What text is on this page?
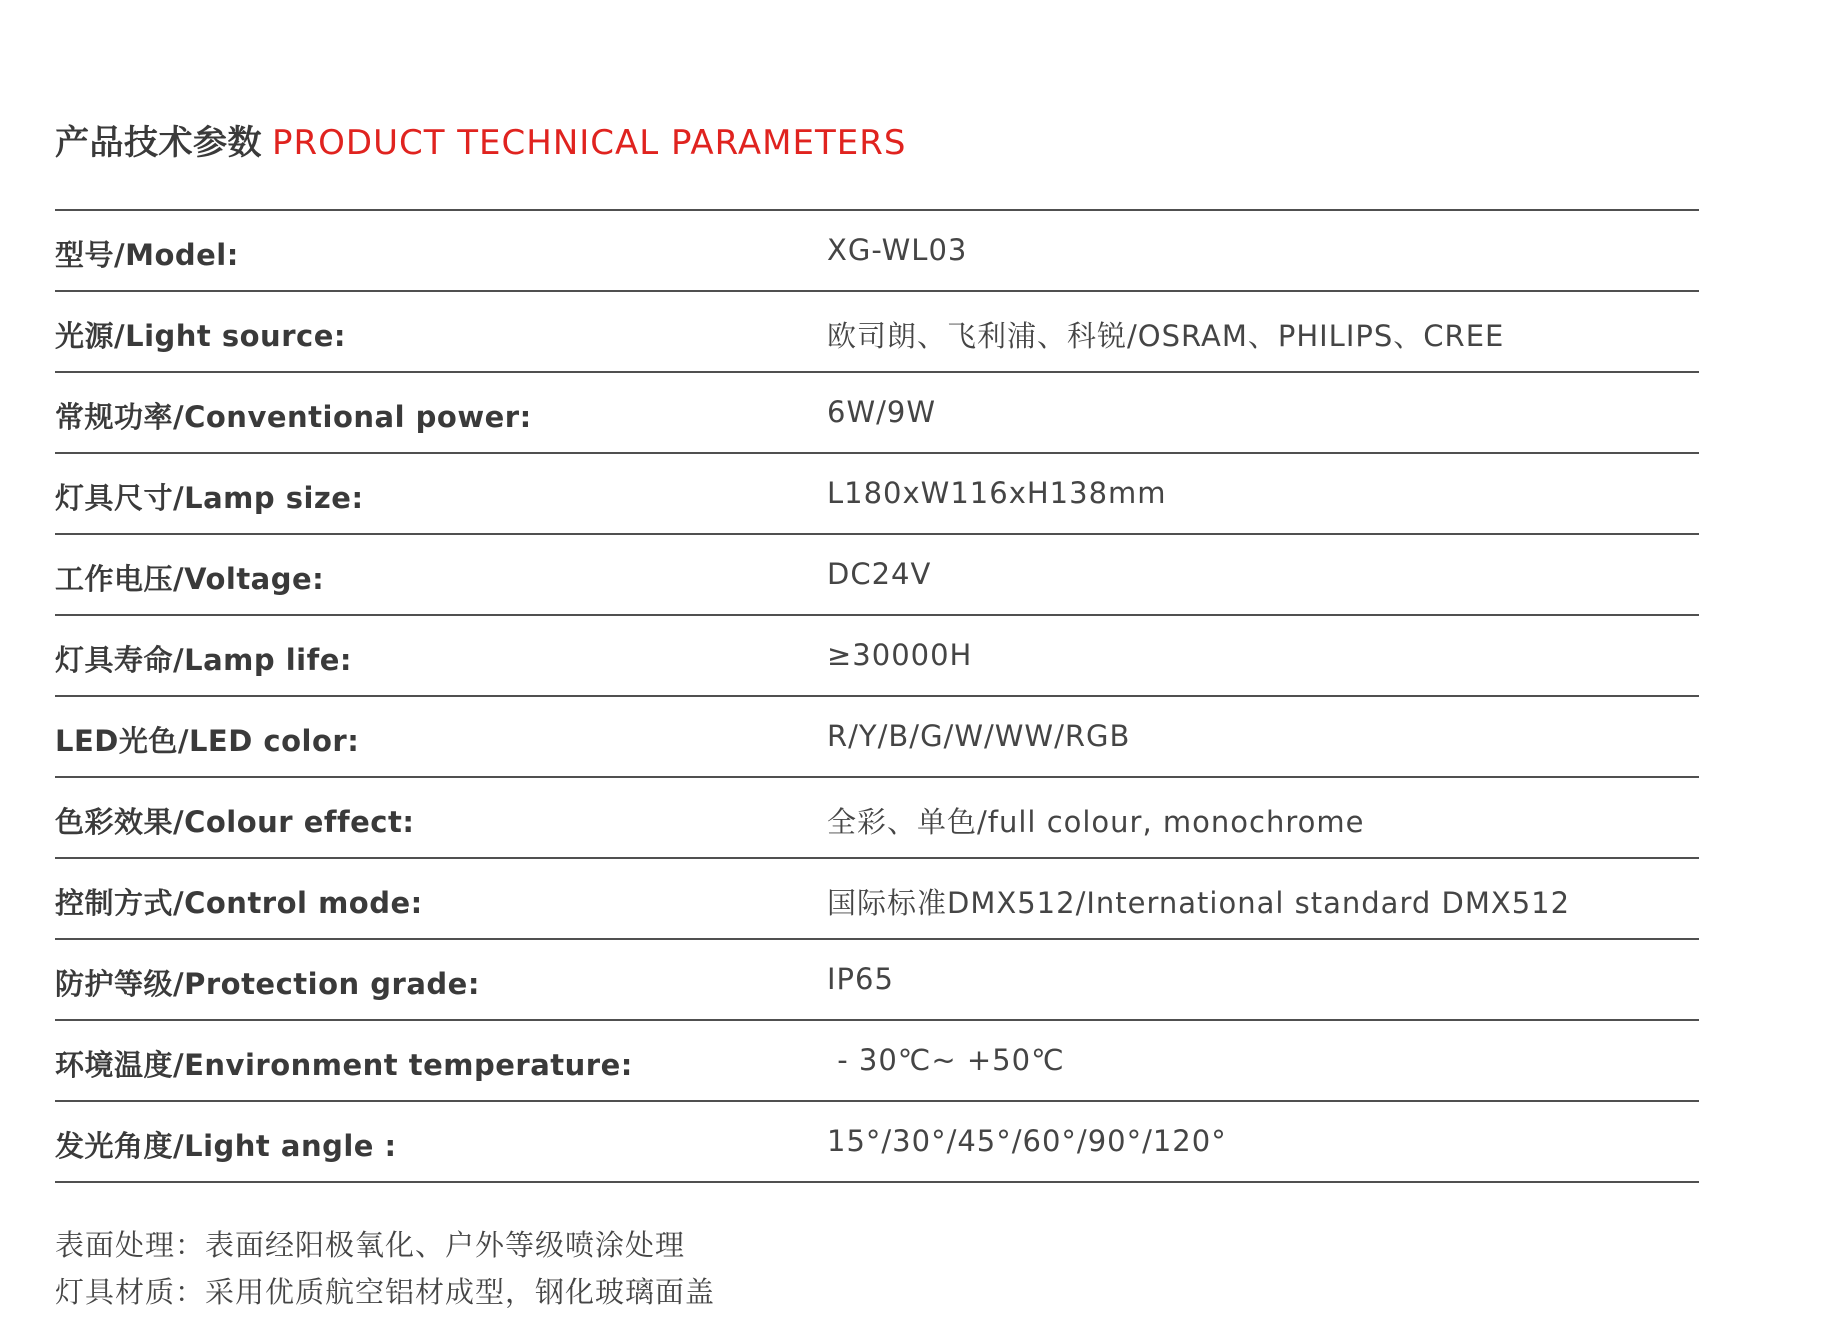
产品技术参数 PRODUCT TECHNICAL PARAMETERS
型号/Model:	XG-WL03
光源/Light source:	欧司朗、飞利浦、科锐/OSRAM、PHILIPS、CREE
常规功率/Conventional power:	6W/9W
灯具尺寸/Lamp size:	L180xW116xH138mm
工作电压/Voltage:	DC24V
灯具寿命/Lamp life:	≥30000H
LED光色/LED color:	R/Y/B/G/W/WW/RGB
色彩效果/Colour effect:	全彩、单色/full colour, monochrome
控制方式/Control mode:	国际标准DMX512/International standard DMX512
防护等级/Protection grade:	IP65
环境温度/Environment temperature:	- 30℃~ +50℃
发光角度/Light angle :	15°/30°/45°/60°/90°/120°
表面处理：表面经阳极氧化、户外等级喷涂处理
灯具材质：采用优质航空铝材成型，钢化玻璃面盖
